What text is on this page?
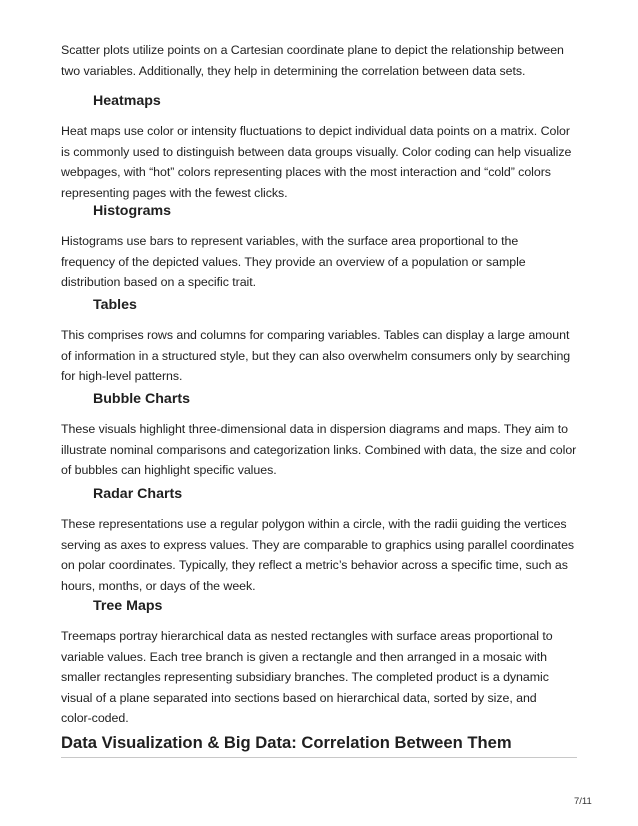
Scatter plots utilize points on a Cartesian coordinate plane to depict the relationship between two variables. Additionally, they help in determining the correlation between data sets.

Heatmaps

Heat maps use color or intensity fluctuations to depict individual data points on a matrix. Color is commonly used to distinguish between data groups visually. Color coding can help visualize webpages, with “hot” colors representing places with the most interaction and “cold” colors representing pages with the fewest clicks.

Histograms

Histograms use bars to represent variables, with the surface area proportional to the frequency of the depicted values. They provide an overview of a population or sample distribution based on a specific trait.

Tables

This comprises rows and columns for comparing variables. Tables can display a large amount of information in a structured style, but they can also overwhelm consumers only by searching for high-level patterns.

Bubble Charts

These visuals highlight three-dimensional data in dispersion diagrams and maps. They aim to illustrate nominal comparisons and categorization links. Combined with data, the size and color of bubbles can highlight specific values.

Radar Charts

These representations use a regular polygon within a circle, with the radii guiding the vertices serving as axes to express values. They are comparable to graphics using parallel coordinates on polar coordinates. Typically, they reflect a metric’s behavior across a specific time, such as hours, months, or days of the week.

Tree Maps

Treemaps portray hierarchical data as nested rectangles with surface areas proportional to variable values. Each tree branch is given a rectangle and then arranged in a mosaic with smaller rectangles representing subsidiary branches. The completed product is a dynamic visual of a plane separated into sections based on hierarchical data, sorted by size, and color-coded.

Data Visualization & Big Data: Correlation Between Them
7/11
